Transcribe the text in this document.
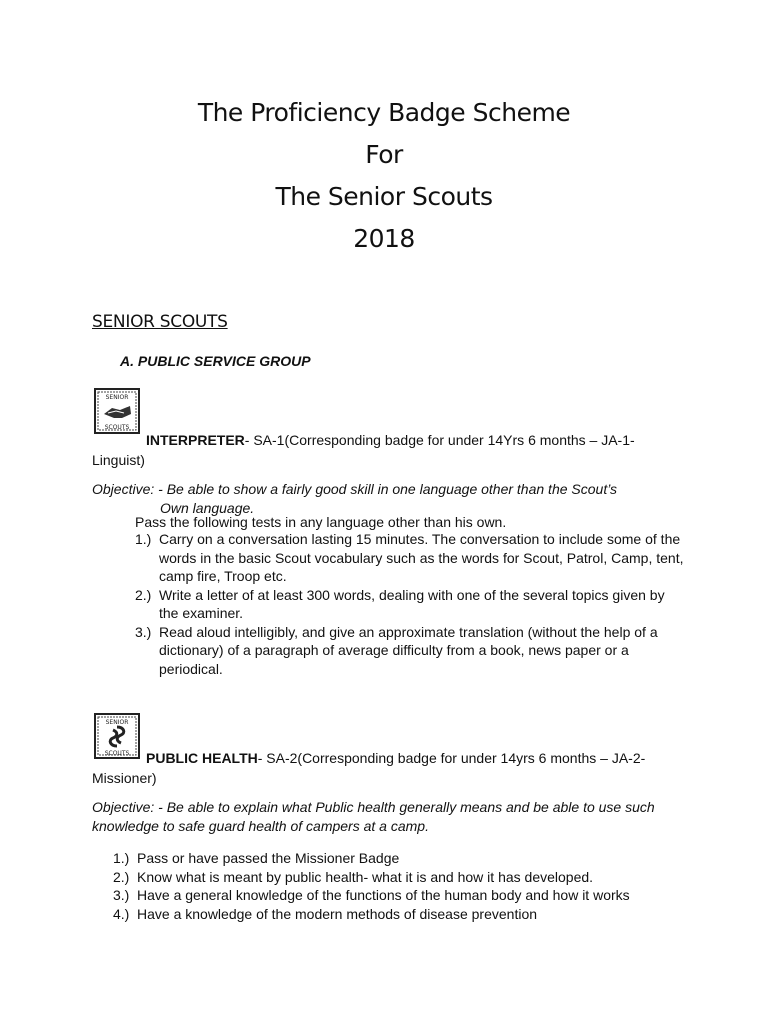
The Proficiency Badge Scheme
For
The Senior Scouts
2018
SENIOR SCOUTS
A. PUBLIC SERVICE GROUP
SENIOR
SCOUTS
INTERPRETER- SA-1(Corresponding badge for under 14Yrs 6 months – JA-1-
Linguist)
Objective: - Be able to show a fairly good skill in one language other than the Scout’s
Own language.
Pass the following tests in any language other than his own.
1.) Carry on a conversation lasting 15 minutes. The conversation to include some of the
words in the basic Scout vocabulary such as the words for Scout, Patrol, Camp, tent,
camp fire, Troop etc.
2.) Write a letter of at least 300 words, dealing with one of the several topics given by
the examiner.
3.) Read aloud intelligibly, and give an approximate translation (without the help of a
dictionary) of a paragraph of average difficulty from a book, news paper or a
periodical.
SENIOR
SCOUTS	PUBLIC HEALTH- SA-2(Corresponding badge for under 14yrs 6 months – JA-2-
Missioner)
Objective: - Be able to explain what Public health generally means and be able to use such
knowledge to safe guard health of campers at a camp.
1.) Pass or have passed the Missioner Badge
2.) Know what is meant by public health- what it is and how it has developed.
3.) Have a general knowledge of the functions of the human body and how it works
4.) Have a knowledge of the modern methods of disease prevention
